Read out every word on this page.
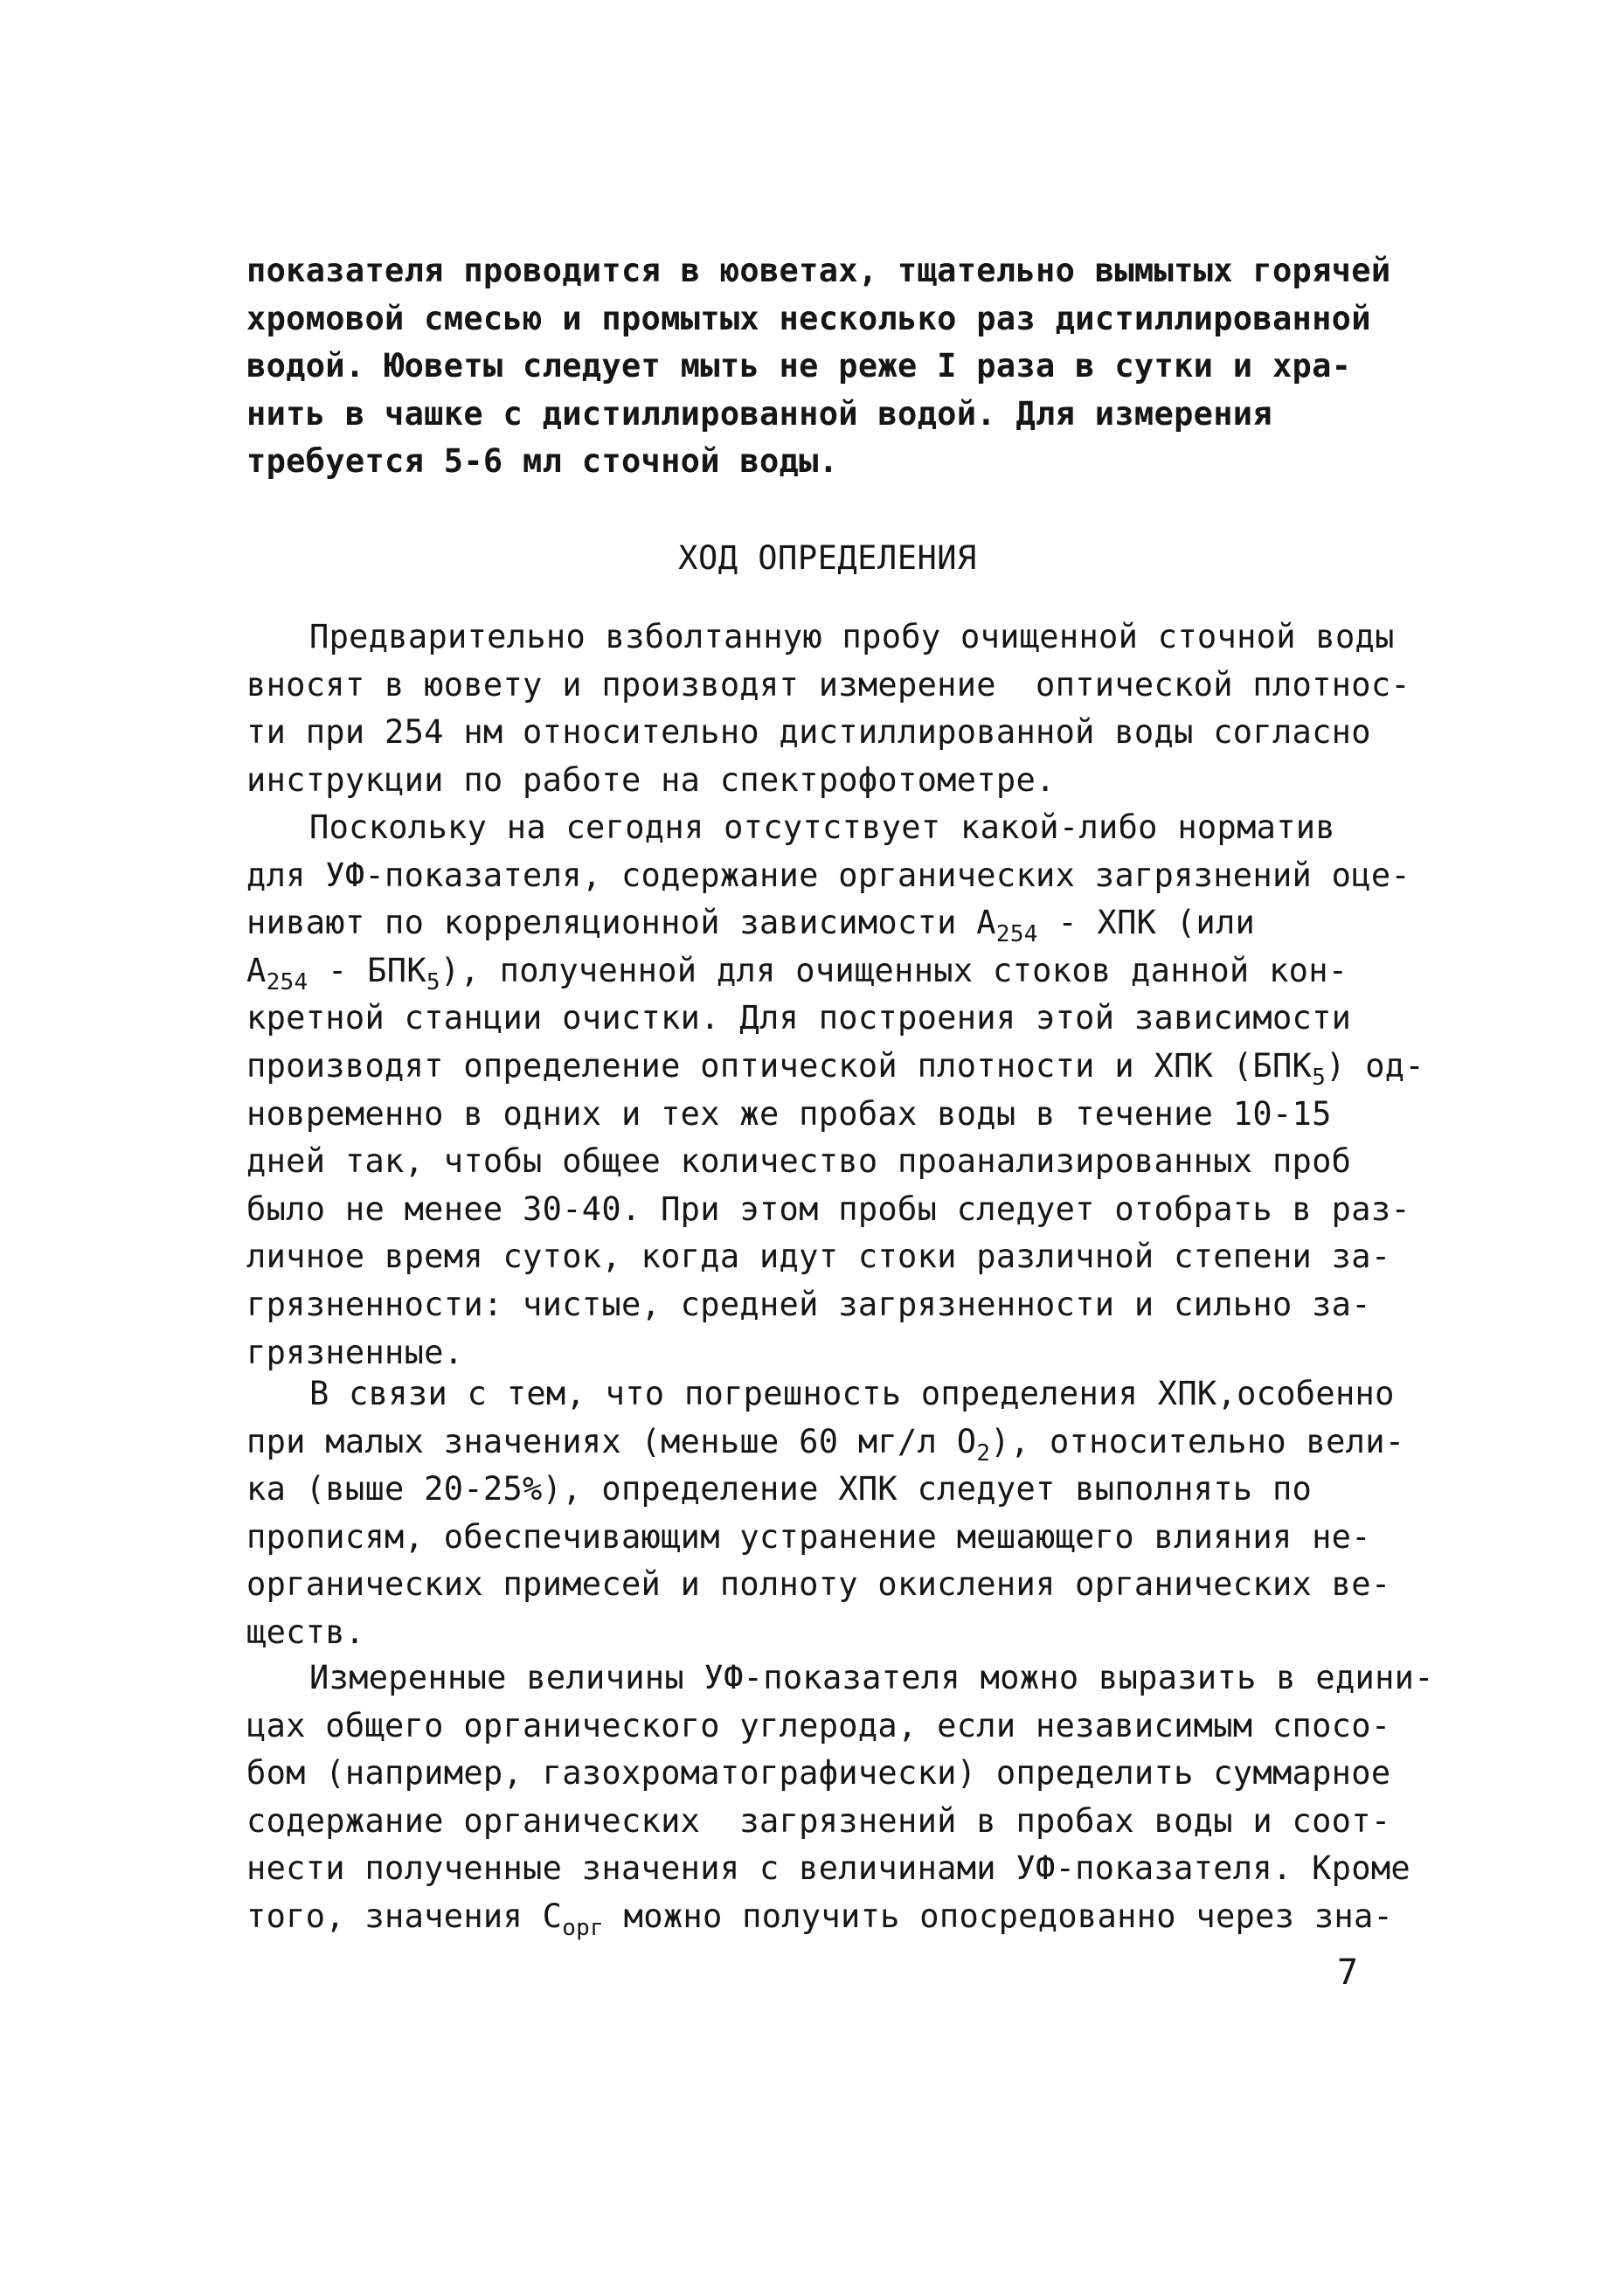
показателя проводится в юоветах, тщательно вымытых горячей
хромовой смесью и промытых несколько раз дистиллированной
водой. Юоветы следует мыть не реже I раза в сутки и хра-
нить в чашке с дистиллированной водой. Для измерения
требуется 5-6 мл сточной воды.
ХОД ОПРЕДЕЛЕНИЯ
Предварительно взболтанную пробу очищенной сточной воды
вносят в юовету и производят измерение  оптической плотнос-
ти при 254 нм относительно дистиллированной воды согласно
инструкции по работе на спектрофотометре.
Поскольку на сегодня отсутствует какой-либо норматив
для УФ-показателя, содержание органических загрязнений оце-
нивают по корреляционной зависимости $А_{254}$ - ХПК (или
$А_{254} - БПК_5$), полученной для очищенных стоков данной кон-
кретной станции очистки. Для построения этой зависимости
производят определение оптической плотности и ХПК $(БПК_5)$ од-
новременно в одних и тех же пробах воды в течение 10-15
дней так, чтобы общее количество проанализированных проб
было не менее 30-40. При этом пробы следует отобрать в раз-
личное время суток, когда идут стоки различной степени за-
грязненности: чистые, средней загрязненности и сильно за-
грязненные.
В связи с тем, что погрешность определения ХПК,особенно
при малых значениях (меньше 60 мг/л $О_2$), относительно вели-
ка (выше 20-25%), определение ХПК следует выполнять по
прописям, обеспечивающим устранение мешающего влияния не-
органических примесей и полноту окисления органических ве-
ществ.
Измеренные величины УФ-показателя можно выразить в едини-
цах общего органического углерода, если независимым спосо-
бом (например, газохроматографически) определить суммарное
содержание органических  загрязнений в пробах воды и соот-
нести полученные значения с величинами УФ-показателя. Кроме
того, значения $С_{орг}$ можно получить опосредованно через зна-
7
